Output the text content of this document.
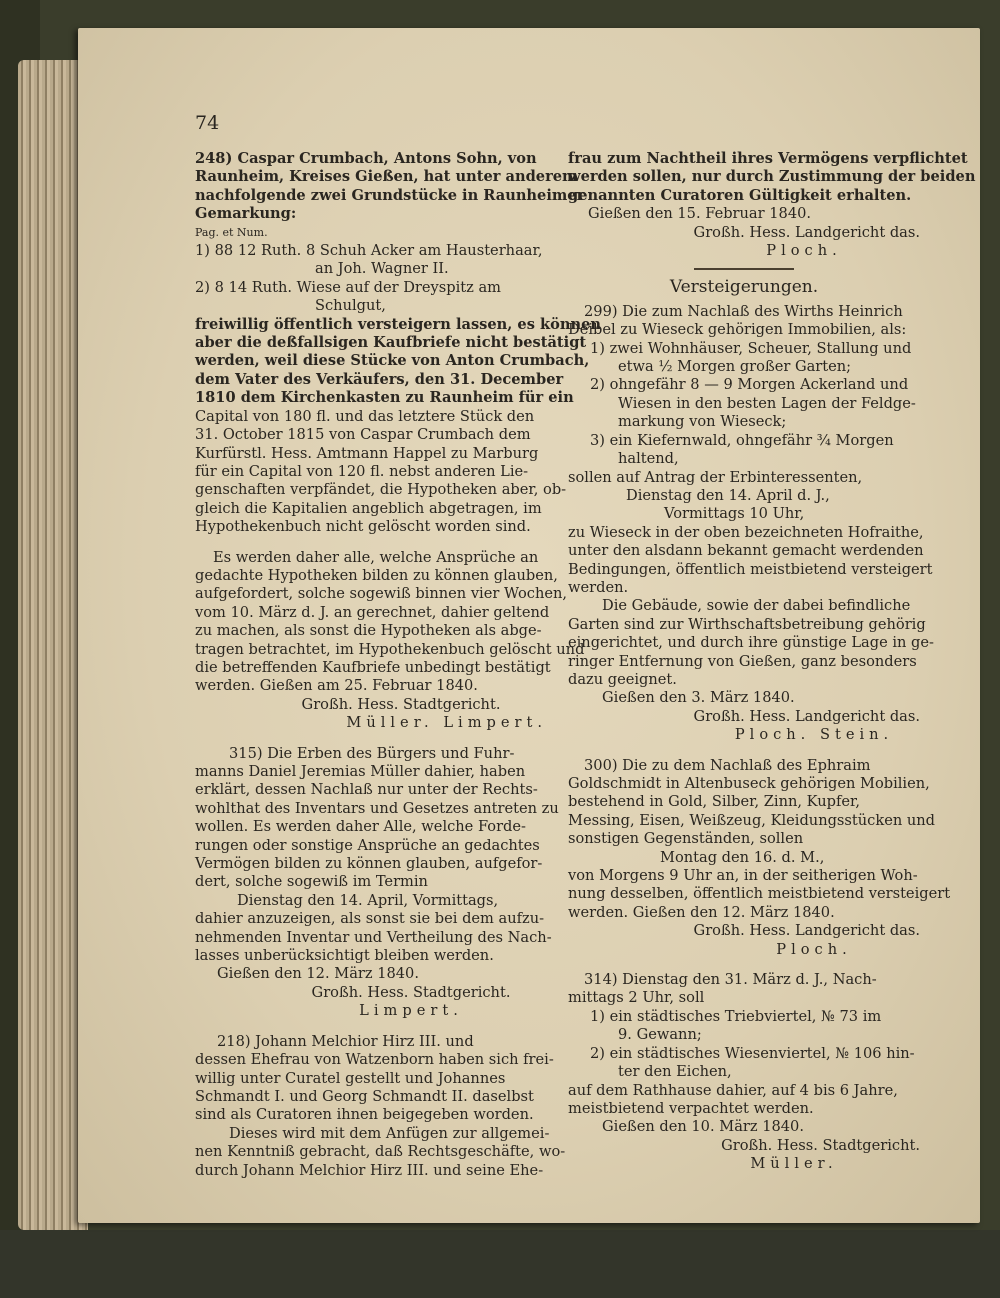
74

248) Caspar Crumbach, Antons Sohn, von

Raunheim, Kreises Gießen, hat unter anderem

nachfolgende zwei Grundstücke in Raunheimer

Gemarkung:

Pag. et Num.

1) 88 12 Ruth. 8 Schuh Acker am Hausterhaar,

an Joh. Wagner II.

2) 8 14 Ruth. Wiese auf der Dreyspitz am

Schulgut,

freiwillig öffentlich versteigern lassen, es können

aber die deßfallsigen Kaufbriefe nicht bestätigt

werden, weil diese Stücke von Anton Crumbach,

dem Vater des Verkäufers, den 31. December

1810 dem Kirchenkasten zu Raunheim für ein

Capital von 180 fl. und das letztere Stück den

31. October 1815 von Caspar Crumbach dem

Kurfürstl. Hess. Amtmann Happel zu Marburg

für ein Capital von 120 fl. nebst anderen Lie-

genschaften verpfändet, die Hypotheken aber, ob-

gleich die Kapitalien angeblich abgetragen, im

Hypothekenbuch nicht gelöscht worden sind.

Es werden daher alle, welche Ansprüche an

gedachte Hypotheken bilden zu können glauben,

aufgefordert, solche sogewiß binnen vier Wochen,

vom 10. März d. J. an gerechnet, dahier geltend

zu machen, als sonst die Hypotheken als abge-

tragen betrachtet, im Hypothekenbuch gelöscht und

die betreffenden Kaufbriefe unbedingt bestätigt

werden. Gießen am 25. Februar 1840.

Großh. Hess. Stadtgericht.

Müller. Limpert.

315) Die Erben des Bürgers und Fuhr-

manns Daniel Jeremias Müller dahier, haben

erklärt, dessen Nachlaß nur unter der Rechts-

wohlthat des Inventars und Gesetzes antreten zu

wollen. Es werden daher Alle, welche Forde-

rungen oder sonstige Ansprüche an gedachtes

Vermögen bilden zu können glauben, aufgefor-

dert, solche sogewiß im Termin

Dienstag den 14. April, Vormittags,

dahier anzuzeigen, als sonst sie bei dem aufzu-

nehmenden Inventar und Vertheilung des Nach-

lasses unberücksichtigt bleiben werden.

Gießen den 12. März 1840.

Großh. Hess. Stadtgericht.

Limpert.

218) Johann Melchior Hirz III. und

dessen Ehefrau von Watzenborn haben sich frei-

willig unter Curatel gestellt und Johannes

Schmandt I. und Georg Schmandt II. daselbst

sind als Curatoren ihnen beigegeben worden.

Dieses wird mit dem Anfügen zur allgemei-

nen Kenntniß gebracht, daß Rechtsgeschäfte, wo-

durch Johann Melchior Hirz III. und seine Ehe-

frau zum Nachtheil ihres Vermögens verpflichtet

werden sollen, nur durch Zustimmung der beiden

genannten Curatoren Gültigkeit erhalten.

Gießen den 15. Februar 1840.

Großh. Hess. Landgericht das.

Ploch.

Versteigerungen.

299) Die zum Nachlaß des Wirths Heinrich

Deibel zu Wieseck gehörigen Immobilien, als:

1) zwei Wohnhäuser, Scheuer, Stallung und

etwa ½ Morgen großer Garten;

2) ohngefähr 8 — 9 Morgen Ackerland und

Wiesen in den besten Lagen der Feldge-

markung von Wieseck;

3) ein Kiefernwald, ohngefähr ¾ Morgen

haltend,

sollen auf Antrag der Erbinteressenten,

Dienstag den 14. April d. J.,

Vormittags 10 Uhr,

zu Wieseck in der oben bezeichneten Hofraithe,

unter den alsdann bekannt gemacht werdenden

Bedingungen, öffentlich meistbietend versteigert

werden.

Die Gebäude, sowie der dabei befindliche

Garten sind zur Wirthschaftsbetreibung gehörig

eingerichtet, und durch ihre günstige Lage in ge-

ringer Entfernung von Gießen, ganz besonders

dazu geeignet.

Gießen den 3. März 1840.

Großh. Hess. Landgericht das.

Ploch. Stein.

300) Die zu dem Nachlaß des Ephraim

Goldschmidt in Altenbuseck gehörigen Mobilien,

bestehend in Gold, Silber, Zinn, Kupfer,

Messing, Eisen, Weißzeug, Kleidungsstücken und

sonstigen Gegenständen, sollen

Montag den 16. d. M.,

von Morgens 9 Uhr an, in der seitherigen Woh-

nung desselben, öffentlich meistbietend versteigert

werden. Gießen den 12. März 1840.

Großh. Hess. Landgericht das.

Ploch.

314) Dienstag den 31. März d. J., Nach-

mittags 2 Uhr, soll

1) ein städtisches Triebviertel, № 73 im

9. Gewann;

2) ein städtisches Wiesenviertel, № 106 hin-

ter den Eichen,

auf dem Rathhause dahier, auf 4 bis 6 Jahre,

meistbietend verpachtet werden.

Gießen den 10. März 1840.

Großh. Hess. Stadtgericht.

Müller.
